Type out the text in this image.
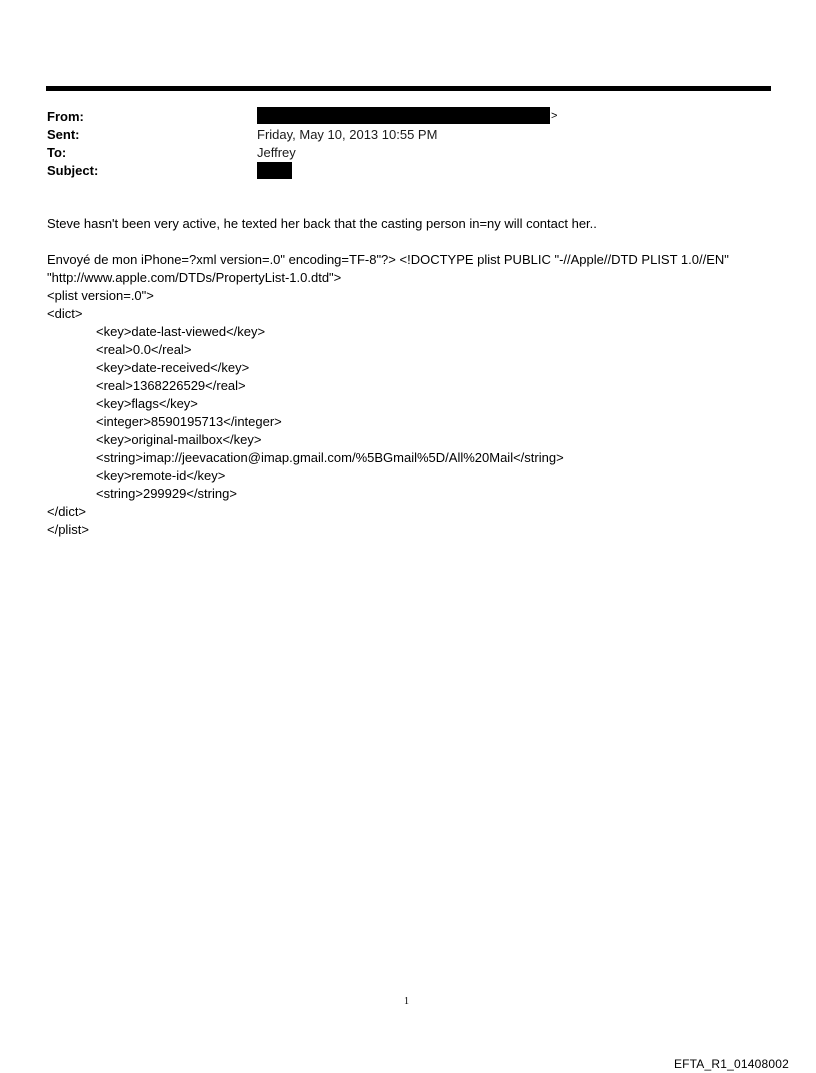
From:	>
Sent:	Friday, May 10, 2013 10:55 PM
To:	Jeffrey
Subject:
Steve hasn't been very active, he texted her back that the casting person in=ny will contact her..
Envoyé de mon iPhone=?xml version=.0" encoding=TF-8"?> <!DOCTYPE plist PUBLIC "-//Apple//DTD PLIST 1.0//EN"
"http://www.apple.com/DTDs/PropertyList-1.0.dtd">
<plist version=.0">
<dict>
<key>date-last-viewed</key>
<real>0.0</real>
<key>date-received</key>
<real>1368226529</real>
<key>flags</key>
<integer>8590195713</integer>
<key>original-mailbox</key>
<string>imap://jeevacation@imap.gmail.com/%5BGmail%5D/All%20Mail</string>
<key>remote-id</key>
<string>299929</string>
</dict>
</plist>
1
EFTA_R1_01408002
